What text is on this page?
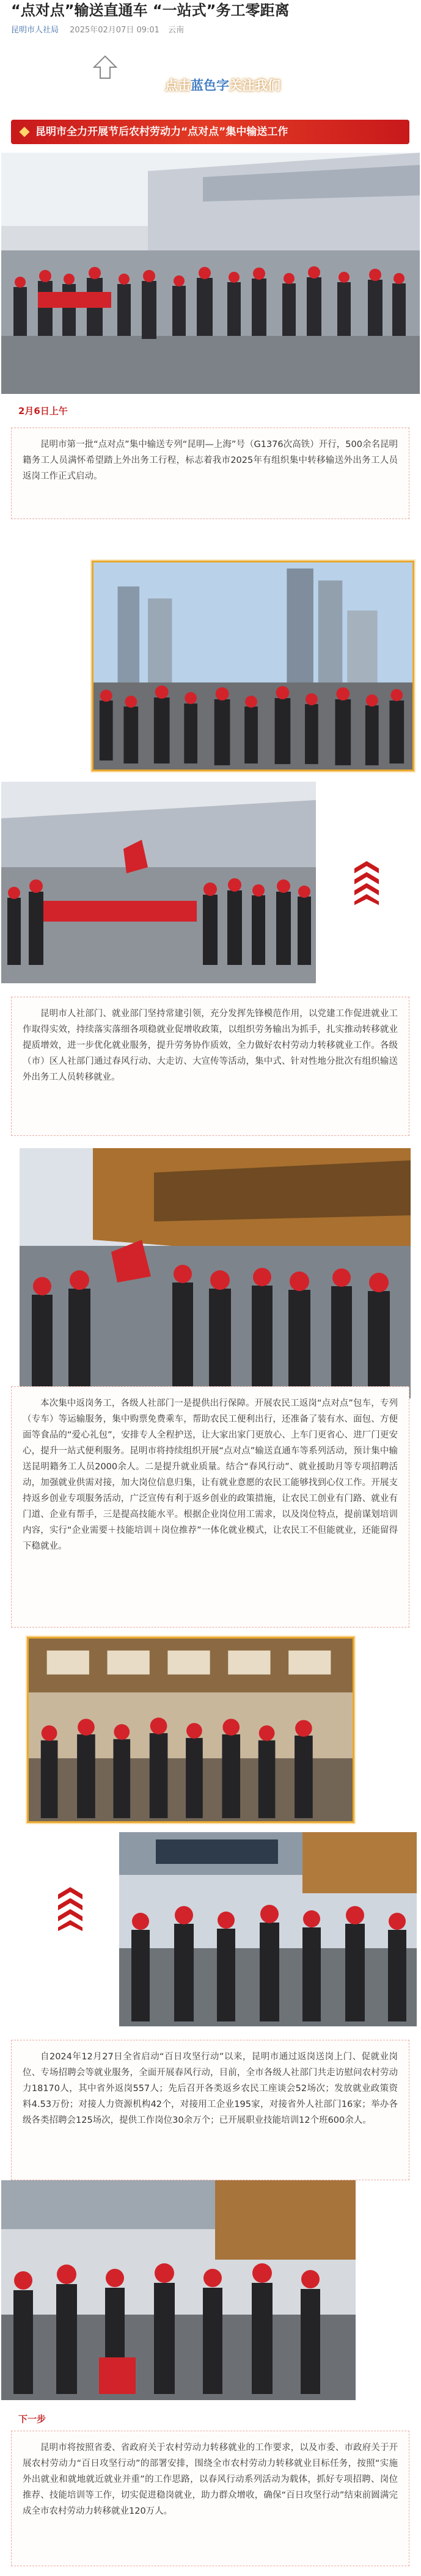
“点对点”输送直通车 “一站式”务工零距离
昆明市人社局 2025年02月07日 09:01 云南
点击蓝色字关注我们
昆明市全力开展节后农村劳动力“点对点”集中输送工作
2月6日上午

昆明市第一批“点对点”集中输送专列“昆明—上海”号（G1376次高铁）开行，500余名昆明籍务工人员满怀希望踏上外出务工行程，标志着我市2025年有组织集中转移输送外出务工人员返岗工作正式启动。

昆明市人社部门、就业部门坚持常建引领，充分发挥先锋模范作用，以党建工作促进就业工作取得实效，持续落实落细各项稳就业促增收政策，以组织劳务输出为抓手，扎实推动转移就业提质增效，进一步优化就业服务，提升劳务协作质效，全力做好农村劳动力转移就业工作。各级（市）区人社部门通过春风行动、大走访、大宣传等活动，集中式、针对性地分批次有组织输送外出务工人员转移就业。

本次集中返岗务工，各级人社部门一是提供出行保障。开展农民工返岗“点对点”包车，专列（专车）等运输服务，集中购票免费乘车，帮助农民工便利出行，还准备了装有水、面包、方便面等食品的“爱心礼包”，安排专人全程护送，让大家出家门更放心、上车门更省心、进厂门更安心，提升一站式便利服务。昆明市将持续组织开展“点对点”输送直通车等系列活动，预计集中输送昆明籍务工人员2000余人。二是提升就业质量。结合“春风行动”、就业援助月等专项招聘活动，加强就业供需对接，加大岗位信息归集，让有就业意愿的农民工能够找到心仪工作。开展支持返乡创业专项服务活动，广泛宣传有利于返乡创业的政策措施，让农民工创业有门路、就业有门道、企业有帮手，三是提高技能水平。根据企业岗位用工需求，以及岗位特点，提前谋划培训内容，实行“企业需要＋技能培训＋岗位推荐”一体化就业模式，让农民工不但能就业，还能留得下稳就业。

自2024年12月27日全省启动“百日攻坚行动”以来，昆明市通过返岗送岗上门、促就业岗位、专场招聘会等就业服务，全面开展春风行动，目前，全市各级人社部门共走访慰问农村劳动力18170人，其中省外返岗557人；先后召开各类返乡农民工座谈会52场次；发放就业政策资料4.53万份；对接人力资源机构42个，对接用工企业195家，对接省外人社部门16家；举办各级各类招聘会125场次，提供工作岗位30余万个；已开展职业技能培训12个班600余人。

下一步

昆明市将按照省委、省政府关于农村劳动力转移就业的工作要求，以及市委、市政府关于开展农村劳动力“百日攻坚行动”的部署安排，围绕全市农村劳动力转移就业目标任务，按照“实施外出就业和就地就近就业并重”的工作思路，以春风行动系列活动为载体，抓好专项招聘、岗位推荐、技能培训等工作，切实促进稳岗就业，助力群众增收，确保“百日攻坚行动”结束前圆满完成全市农村劳动力转移就业120万人。
